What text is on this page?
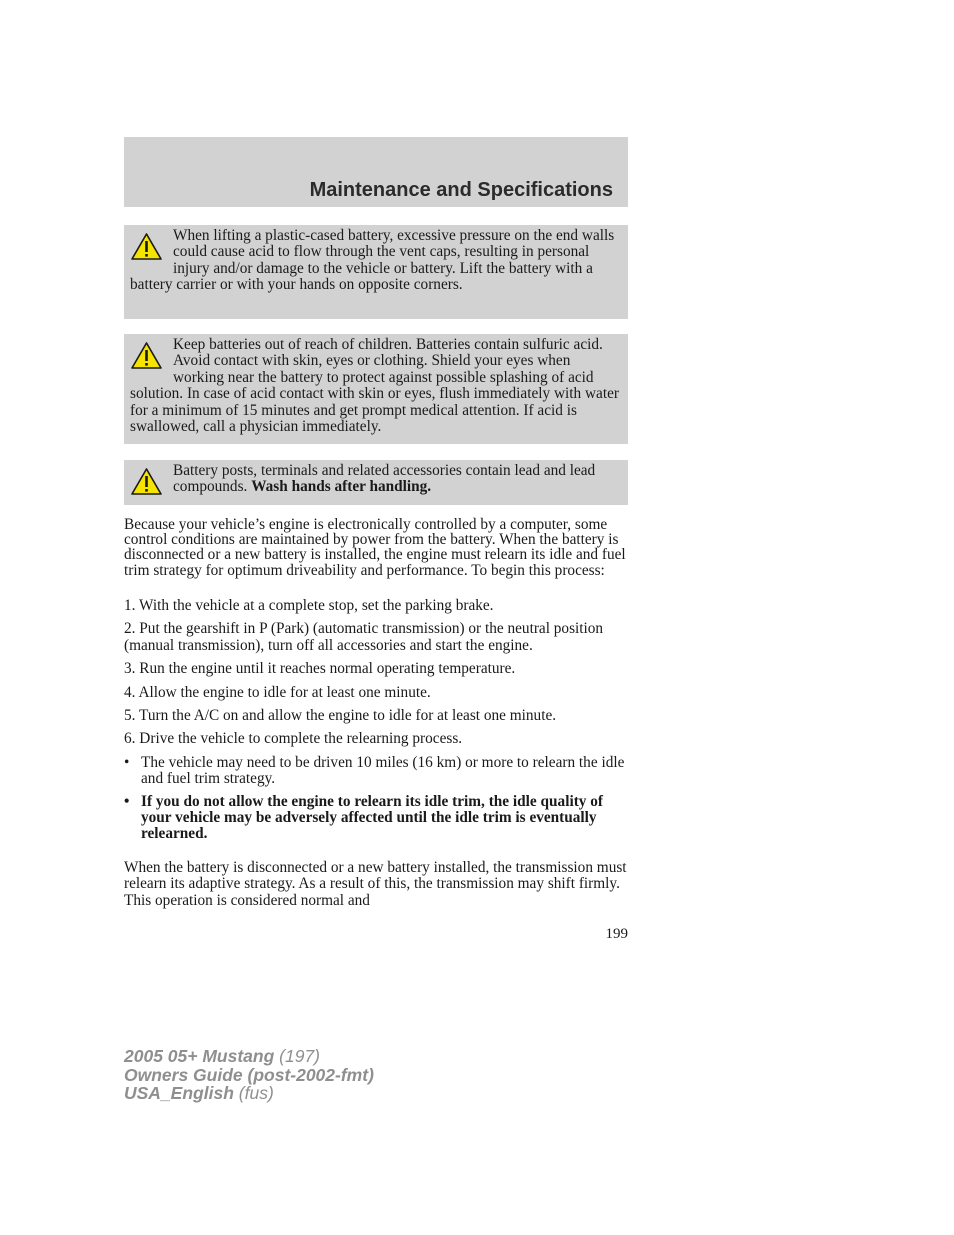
Maintenance and Specifications
When lifting a plastic-cased battery, excessive pressure on the end walls could cause acid to flow through the vent caps, resulting in personal injury and/or damage to the vehicle or battery. Lift the battery with a battery carrier or with your hands on opposite corners.
Keep batteries out of reach of children. Batteries contain sulfuric acid. Avoid contact with skin, eyes or clothing. Shield your eyes when working near the battery to protect against possible splashing of acid solution. In case of acid contact with skin or eyes, flush immediately with water for a minimum of 15 minutes and get prompt medical attention. If acid is swallowed, call a physician immediately.
Battery posts, terminals and related accessories contain lead and lead compounds. Wash hands after handling.

Because your vehicle’s engine is electronically controlled by a computer, some control conditions are maintained by power from the battery. When the battery is disconnected or a new battery is installed, the engine must relearn its idle and fuel trim strategy for optimum driveability and performance. To begin this process:

1. With the vehicle at a complete stop, set the parking brake.

2. Put the gearshift in P (Park) (automatic transmission) or the neutral position (manual transmission), turn off all accessories and start the engine.

3. Run the engine until it reaches normal operating temperature.

4. Allow the engine to idle for at least one minute.

5. Turn the A/C on and allow the engine to idle for at least one minute.

6. Drive the vehicle to complete the relearning process.

• The vehicle may need to be driven 10 miles (16 km) or more to relearn the idle and fuel trim strategy.
• If you do not allow the engine to relearn its idle trim, the idle quality of your vehicle may be adversely affected until the idle trim is eventually relearned.

When the battery is disconnected or a new battery installed, the transmission must relearn its adaptive strategy. As a result of this, the transmission may shift firmly. This operation is considered normal and

199
2005 05+ Mustang (197)
Owners Guide (post-2002-fmt)
USA_English (fus)
